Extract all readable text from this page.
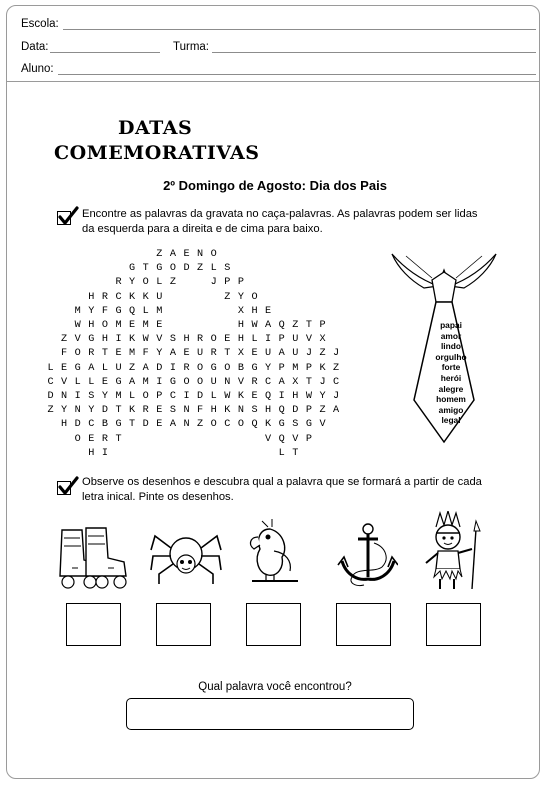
Escola:
Data:	Turma:
Aluno:
DATAS
COMEMORATIVAS
2º Domingo de Agosto: Dia dos Pais
Encontre as palavras da gravata no caça-palavras. As palavras podem ser lidas
da esquerda para a direita e de cima para baixo.
Z A E N O
G T G O D Z L S
R Y O L Z	J P P
H R C K K U	Z Y O
M Y F G Q L M	X H E
W H O M E M E	H W A Q Z T P
Z V G H I K W V S H R O E H L I P U V X
F O R T E M F Y A E U R T X E U A U J Z J
L E G A L U Z A D I R O G O B G Y P M P K Z
C V L L E G A M I G O O U N V R C A X T J C
D N I S Y M L O P C I D L W K E Q I H W Y J
Z Y N Y D T K R E S N F H K N S H Q D P Z A
H D C B G T D E A N Z O C O Q K G S G V
O E R T	V Q V P
H I	L T
papai
amor
lindo
orgulho
forte
herói
alegre
homem
amigo
legal
Observe os desenhos e descubra qual a palavra que se formará a partir de cada
letra inical. Pinte os desenhos.
Qual palavra você encontrou?
